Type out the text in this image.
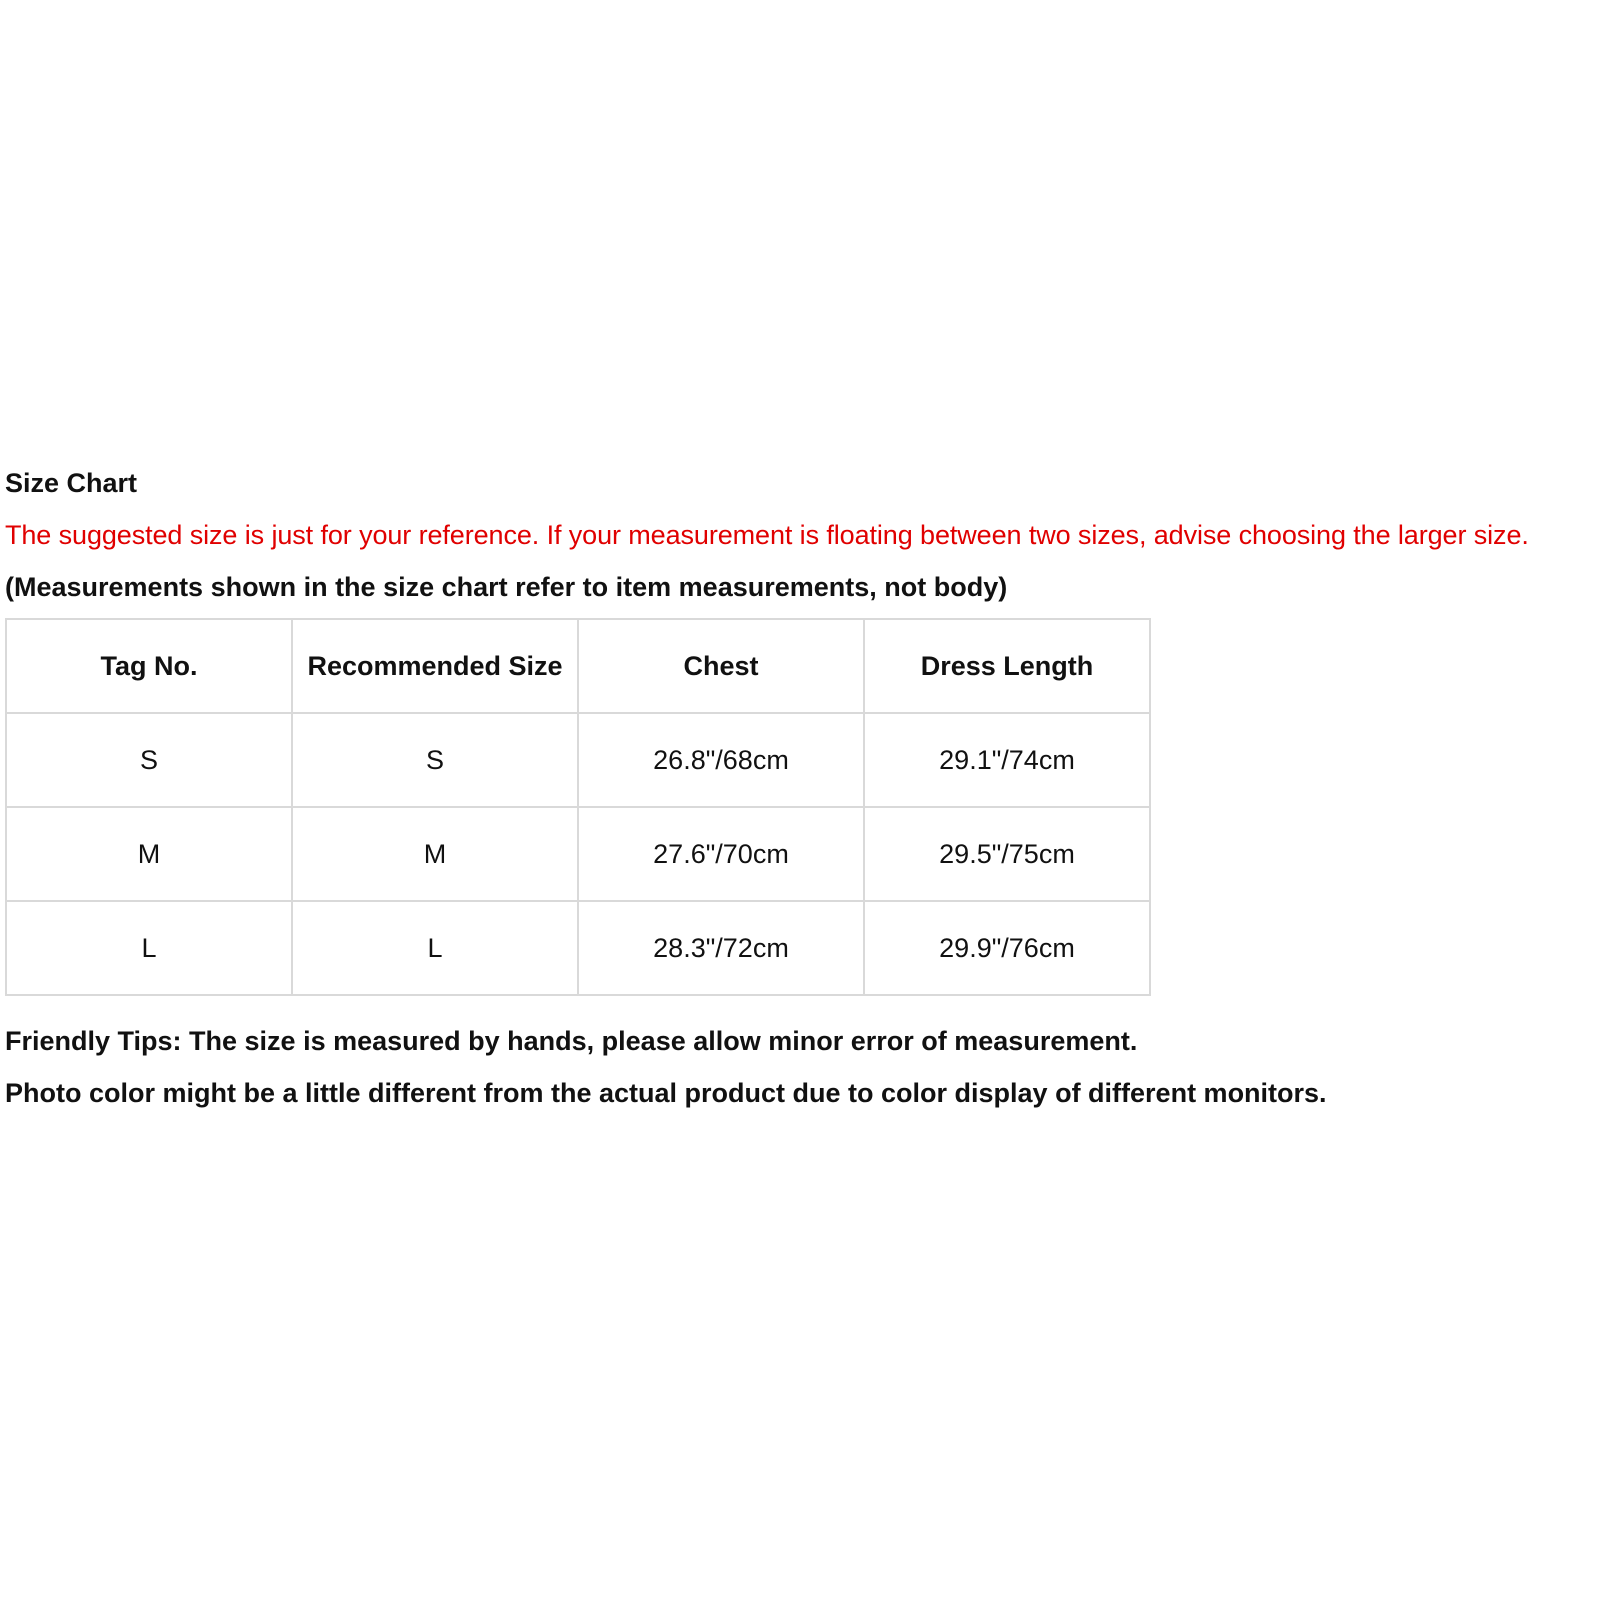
Size Chart
The suggested size is just for your reference. If your measurement is floating between two sizes, advise choosing the larger size.
(Measurements shown in the size chart refer to item measurements, not body)
Tag No.	Recommended Size	Chest	Dress Length
S	S	26.8"/68cm	29.1"/74cm
M	M	27.6"/70cm	29.5"/75cm
L	L	28.3"/72cm	29.9"/76cm
Friendly Tips: The size is measured by hands, please allow minor error of measurement.
Photo color might be a little different from the actual product due to color display of different monitors.
